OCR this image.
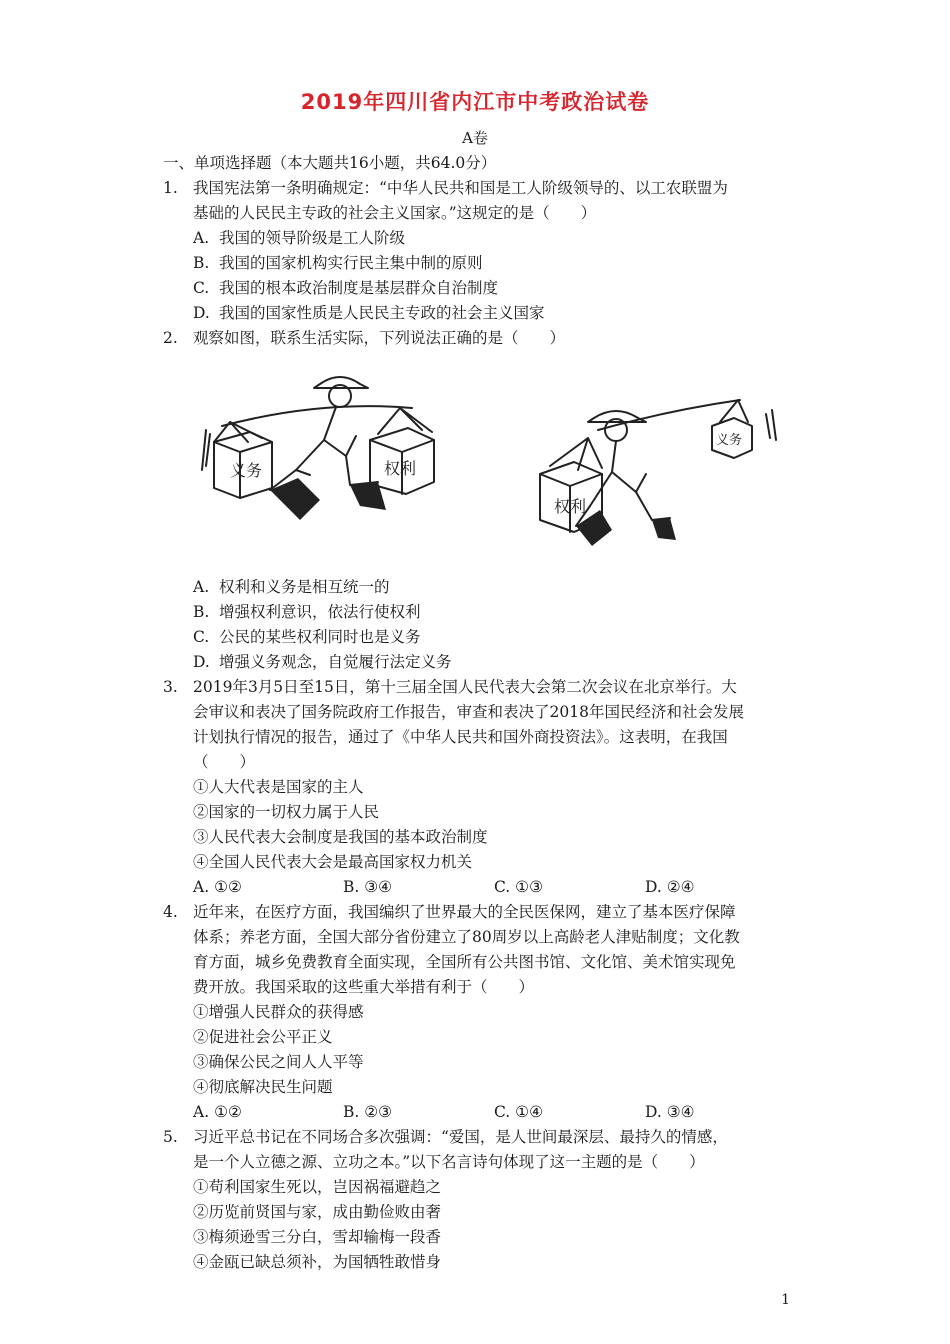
2019年四川省内江市中考政治试卷
A卷
一、单项选择题（本大题共16小题，共64.0分）
1. 我国宪法第一条明确规定：“中华人民共和国是工人阶级领导的、以工农联盟为
基础的人民民主专政的社会主义国家。”这规定的是（　　）
A. 我国的领导阶级是工人阶级
B. 我国的国家机构实行民主集中制的原则
C. 我国的根本政治制度是基层群众自治制度
D. 我国的国家性质是人民民主专政的社会主义国家
2. 观察如图，联系生活实际，下列说法正确的是（　　）
义务	权利
权利
义务
A. 权利和义务是相互统一的
B. 增强权利意识，依法行使权利
C. 公民的某些权利同时也是义务
D. 增强义务观念，自觉履行法定义务
3. 2019年3月5日至15日，第十三届全国人民代表大会第二次会议在北京举行。大
会审议和表决了国务院政府工作报告，审查和表决了2018年国民经济和社会发展
计划执行情况的报告，通过了《中华人民共和国外商投资法》。这表明，在我国
（　　）
①人大代表是国家的主人
②国家的一切权力属于人民
③人民代表大会制度是我国的基本政治制度
④全国人民代表大会是最高国家权力机关
A. ①②	B. ③④	C. ①③	D. ②④
4. 近年来，在医疗方面，我国编织了世界最大的全民医保网，建立了基本医疗保障
体系；养老方面，全国大部分省份建立了80周岁以上高龄老人津贴制度；文化教
育方面，城乡免费教育全面实现，全国所有公共图书馆、文化馆、美术馆实现免
费开放。我国采取的这些重大举措有利于（　　）
①增强人民群众的获得感
②促进社会公平正义
③确保公民之间人人平等
④彻底解决民生问题
A. ①②	B. ②③	C. ①④	D. ③④
5. 习近平总书记在不同场合多次强调：“爱国，是人世间最深层、最持久的情感，
是一个人立德之源、立功之本。”以下名言诗句体现了这一主题的是（　　）
①苟利国家生死以，岂因祸福避趋之
②历览前贤国与家，成由勤俭败由奢
③梅须逊雪三分白，雪却输梅一段香
④金瓯已缺总须补，为国牺牲敢惜身
1
